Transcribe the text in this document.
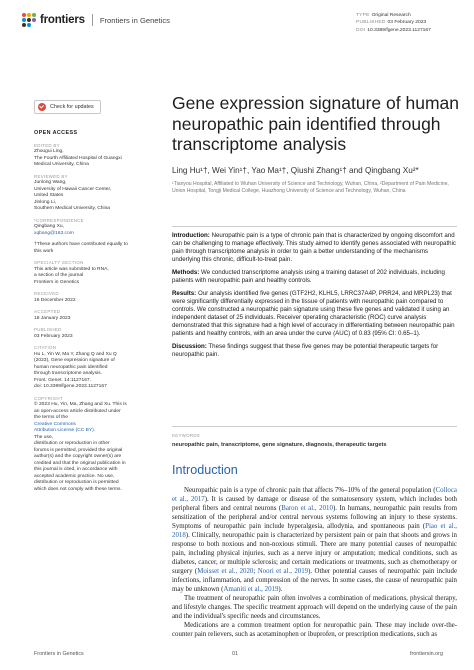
frontiers Frontiers in Genetics	TYPE Original Research
PUBLISHED 03 February 2023
DOI 10.3389/fgene.2023.1127167
Check for updates
OPEN ACCESS
EDITED BY
Zhougui Ling,
The Fourth Affiliated Hospital of Guangxi
Medical University, China
REVIEWED BY
Junlong Wang,
University of Hawaii Cancer Center,
United States
Jinlong Li,
Southern Medical University, China
*CORRESPONDENCE
Qingbang Xu,
xqbang@163.com
†These authors have contributed equally to
this work
SPECIALTY SECTION
This article was submitted to RNA,
a section of the journal
Frontiers in Genetics
RECEIVED
16 December 2022
ACCEPTED
18 January 2023
PUBLISHED
03 February 2023
CITATION
Hu L, Yin W, Ma Y, Zhang Q and Xu Q
(2023), Gene expression signature of
human neuropathic pain identified
through transcriptome analysis.
Front. Genet. 14:1127167.
doi: 10.3389/fgene.2023.1127167
COPYRIGHT
© 2023 Hu, Yin, Ma, Zhang and Xu. This is
an open-access article distributed under
the terms of the
Creative Commons
Attribution License (CC BY).
The use,
distribution or reproduction in other
forums is permitted, provided the original
author(s) and the copyright owner(s) are
credited and that the original publication in
this journal is cited, in accordance with
accepted academic practice. No use,
distribution or reproduction is permitted
which does not comply with these terms.
Gene expression signature of human neuropathic pain identified through transcriptome analysis
Ling Hu¹†, Wei Yin¹†, Yao Ma¹†, Qiushi Zhang¹† and Qingbang Xu²*
¹Tianyou Hospital, Affiliated to Wuhan University of Science and Technology, Wuhan, China, ²Department of Pain Medicine, Union Hospital, Tongji Medical College, Huazhong University of Science and Technology, Wuhan, China

Introduction: Neuropathic pain is a type of chronic pain that is characterized by ongoing discomfort and can be challenging to manage effectively. This study aimed to identify genes associated with neuropathic pain through transcriptome analysis in order to gain a better understanding of the mechanisms underlying this chronic, difficult-to-treat pain.

Methods: We conducted transcriptome analysis using a training dataset of 202 individuals, including patients with neuropathic pain and healthy controls.

Results: Our analysis identified five genes (GTF2H2, KLHL5, LRRC37A4P, PRR24, and MRPL23) that were significantly differentially expressed in the tissue of patients with neuropathic pain compared to controls. We constructed a neuropathic pain signature using these five genes and validated it using an independent dataset of 25 individuals. Receiver operating characteristic (ROC) curve analysis demonstrated that this signature had a high level of accuracy in differentiating between neuropathic pain patients and healthy controls, with an area under the curve (AUC) of 0.83 (95% CI: 0.65–1).

Discussion: These findings suggest that these five genes may be potential therapeutic targets for neuropathic pain.

KEYWORDS
neuropathic pain, transcriptome, gene signature, diagnosis, therapeutic targets
Introduction

Neuropathic pain is a type of chronic pain that affects 7%–10% of the general population (Colloca et al., 2017). It is caused by damage or disease of the somatosensory system, which includes both peripheral fibers and central neurons (Baron et al., 2010). In humans, neuropathic pain results from sensitization of the peripheral and/or central nervous systems following an injury to these systems. Symptoms of neuropathic pain include hyperalgesia, allodynia, and spontaneous pain (Piao et al., 2018). Clinically, neuropathic pain is characterized by persistent pain or pain that shoots and grows in response to both noxious and non-noxious stimuli. There are many potential causes of neuropathic pain, including physical injuries, such as a nerve injury or amputation; medical conditions, such as diabetes, cancer, or multiple sclerosis; and certain medications or treatments, such as chemotherapy or surgery (Moisset et al., 2020; Noori et al., 2019). Other potential causes of neuropathic pain include infections, inflammation, and compression of the nerves. In some cases, the cause of neuropathic pain may be unknown (Amaniti et al., 2019).

The treatment of neuropathic pain often involves a combination of medications, physical therapy, and lifestyle changes. The specific treatment approach will depend on the underlying cause of the pain and the individual's specific needs and circumstances.

Medications are a common treatment option for neuropathic pain. These may include over-the-counter pain relievers, such as acetaminophen or ibuprofen, or prescription medications, such as

Frontiers in Genetics	01	frontiersin.org
